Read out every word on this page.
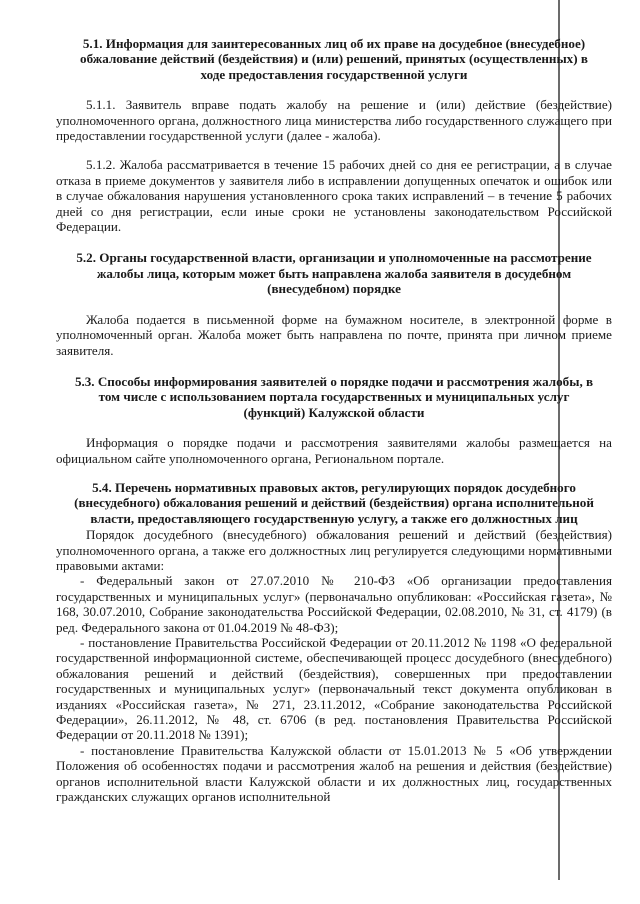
5.1. Информация для заинтересованных лиц об их праве на досудебное (внесудебное) обжалование действий (бездействия) и (или) решений, принятых (осуществленных) в ходе предоставления государственной услуги

5.1.1. Заявитель вправе подать жалобу на решение и (или) действие (бездействие) уполномоченного органа, должностного лица министерства либо государственного служащего при предоставлении государственной услуги (далее - жалоба).

5.1.2. Жалоба рассматривается в течение 15 рабочих дней со дня ее регистрации, а в случае отказа в приеме документов у заявителя либо в исправлении допущенных опечаток и ошибок или в случае обжалования нарушения установленного срока таких исправлений – в течение 5 рабочих дней со дня регистрации, если иные сроки не установлены законодательством Российской Федерации.

5.2. Органы государственной власти, организации и уполномоченные на рассмотрение жалобы лица, которым может быть направлена жалоба заявителя в досудебном (внесудебном) порядке

Жалоба подается в письменной форме на бумажном носителе, в электронной форме в уполномоченный орган. Жалоба может быть направлена по почте, принята при личном приеме заявителя.

5.3. Способы информирования заявителей о порядке подачи и рассмотрения жалобы, в том числе с использованием портала государственных и муниципальных услуг (функций) Калужской области

Информация о порядке подачи и рассмотрения заявителями жалобы размещается на официальном сайте уполномоченного органа, Региональном портале.

5.4. Перечень нормативных правовых актов, регулирующих порядок досудебного (внесудебного) обжалования решений и действий (бездействия) органа исполнительной власти, предоставляющего государственную услугу, а также его должностных лиц

Порядок досудебного (внесудебного) обжалования решений и действий (бездействия) уполномоченного органа, а также его должностных лиц регулируется следующими нормативными правовыми актами:

- Федеральный закон от 27.07.2010 № 210-ФЗ «Об организации предоставления государственных и муниципальных услуг» (первоначально опубликован: «Российская газета», № 168, 30.07.2010, Собрание законодательства Российской Федерации, 02.08.2010, № 31, ст. 4179) (в ред. Федерального закона от 01.04.2019 № 48-ФЗ);

- постановление Правительства Российской Федерации от 20.11.2012 № 1198 «О федеральной государственной информационной системе, обеспечивающей процесс досудебного (внесудебного) обжалования решений и действий (бездействия), совершенных при предоставлении государственных и муниципальных услуг» (первоначальный текст документа опубликован в изданиях «Российская газета», № 271, 23.11.2012, «Собрание законодательства Российской Федерации», 26.11.2012, № 48, ст. 6706 (в ред. постановления Правительства Российской Федерации от 20.11.2018 № 1391);

- постановление Правительства Калужской области от 15.01.2013 № 5 «Об утверждении Положения об особенностях подачи и рассмотрения жалоб на решения и действия (бездействие) органов исполнительной власти Калужской области и их должностных лиц, государственных гражданских служащих органов исполнительной
